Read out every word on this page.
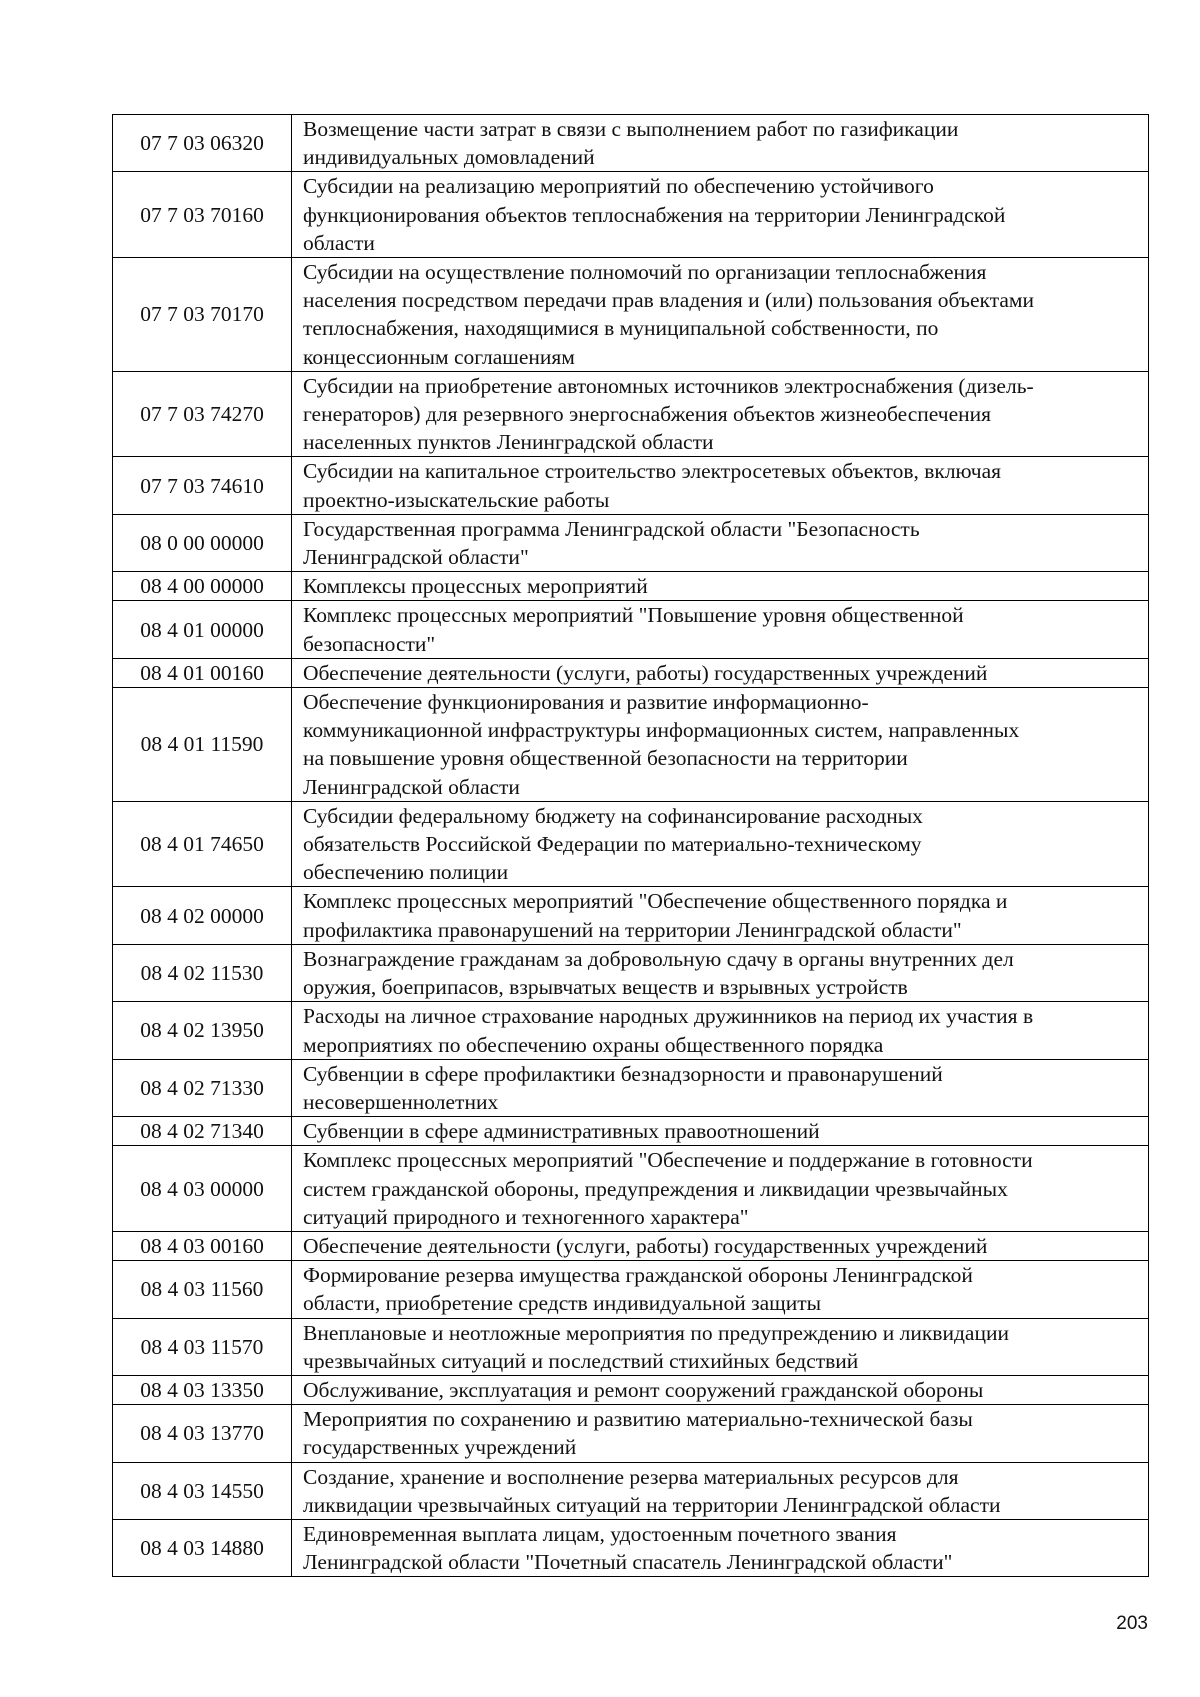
07 7 03 06320	Возмещение части затрат в связи с выполнением работ по газификации
индивидуальных домовладений
07 7 03 70160	Субсидии на реализацию мероприятий по обеспечению устойчивого
функционирования объектов теплоснабжения на территории Ленинградской
области
07 7 03 70170	Субсидии на осуществление полномочий по организации теплоснабжения
населения посредством передачи прав владения и (или) пользования объектами
теплоснабжения, находящимися в муниципальной собственности, по
концессионным соглашениям
07 7 03 74270	Субсидии на приобретение автономных источников электроснабжения (дизель-
генераторов) для резервного энергоснабжения объектов жизнеобеспечения
населенных пунктов Ленинградской области
07 7 03 74610	Субсидии на капитальное строительство электросетевых объектов, включая
проектно-изыскательские работы
08 0 00 00000	Государственная программа Ленинградской области "Безопасность
Ленинградской области"
08 4 00 00000	Комплексы процессных мероприятий
08 4 01 00000	Комплекс процессных мероприятий "Повышение уровня общественной
безопасности"
08 4 01 00160	Обеспечение деятельности (услуги, работы) государственных учреждений
08 4 01 11590	Обеспечение функционирования и развитие информационно-
коммуникационной инфраструктуры информационных систем, направленных
на повышение уровня общественной безопасности на территории
Ленинградской области
08 4 01 74650	Субсидии федеральному бюджету на софинансирование расходных
обязательств Российской Федерации по материально-техническому
обеспечению полиции
08 4 02 00000	Комплекс процессных мероприятий "Обеспечение общественного порядка и
профилактика правонарушений на территории Ленинградской области"
08 4 02 11530	Вознаграждение гражданам за добровольную сдачу в органы внутренних дел
оружия, боеприпасов, взрывчатых веществ и взрывных устройств
08 4 02 13950	Расходы на личное страхование народных дружинников на период их участия в
мероприятиях по обеспечению охраны общественного порядка
08 4 02 71330	Субвенции в сфере профилактики безнадзорности и правонарушений
несовершеннолетних
08 4 02 71340	Субвенции в сфере административных правоотношений
08 4 03 00000	Комплекс процессных мероприятий "Обеспечение и поддержание в готовности
систем гражданской обороны, предупреждения и ликвидации чрезвычайных
ситуаций природного и техногенного характера"
08 4 03 00160	Обеспечение деятельности (услуги, работы) государственных учреждений
08 4 03 11560	Формирование резерва имущества гражданской обороны Ленинградской
области, приобретение средств индивидуальной защиты
08 4 03 11570	Внеплановые и неотложные мероприятия по предупреждению и ликвидации
чрезвычайных ситуаций и последствий стихийных бедствий
08 4 03 13350	Обслуживание, эксплуатация и ремонт сооружений гражданской обороны
08 4 03 13770	Мероприятия по сохранению и развитию материально-технической базы
государственных учреждений
08 4 03 14550	Создание, хранение и восполнение резерва материальных ресурсов для
ликвидации чрезвычайных ситуаций на территории Ленинградской области
08 4 03 14880	Единовременная выплата лицам, удостоенным почетного звания
Ленинградской области "Почетный спасатель Ленинградской области"
203
